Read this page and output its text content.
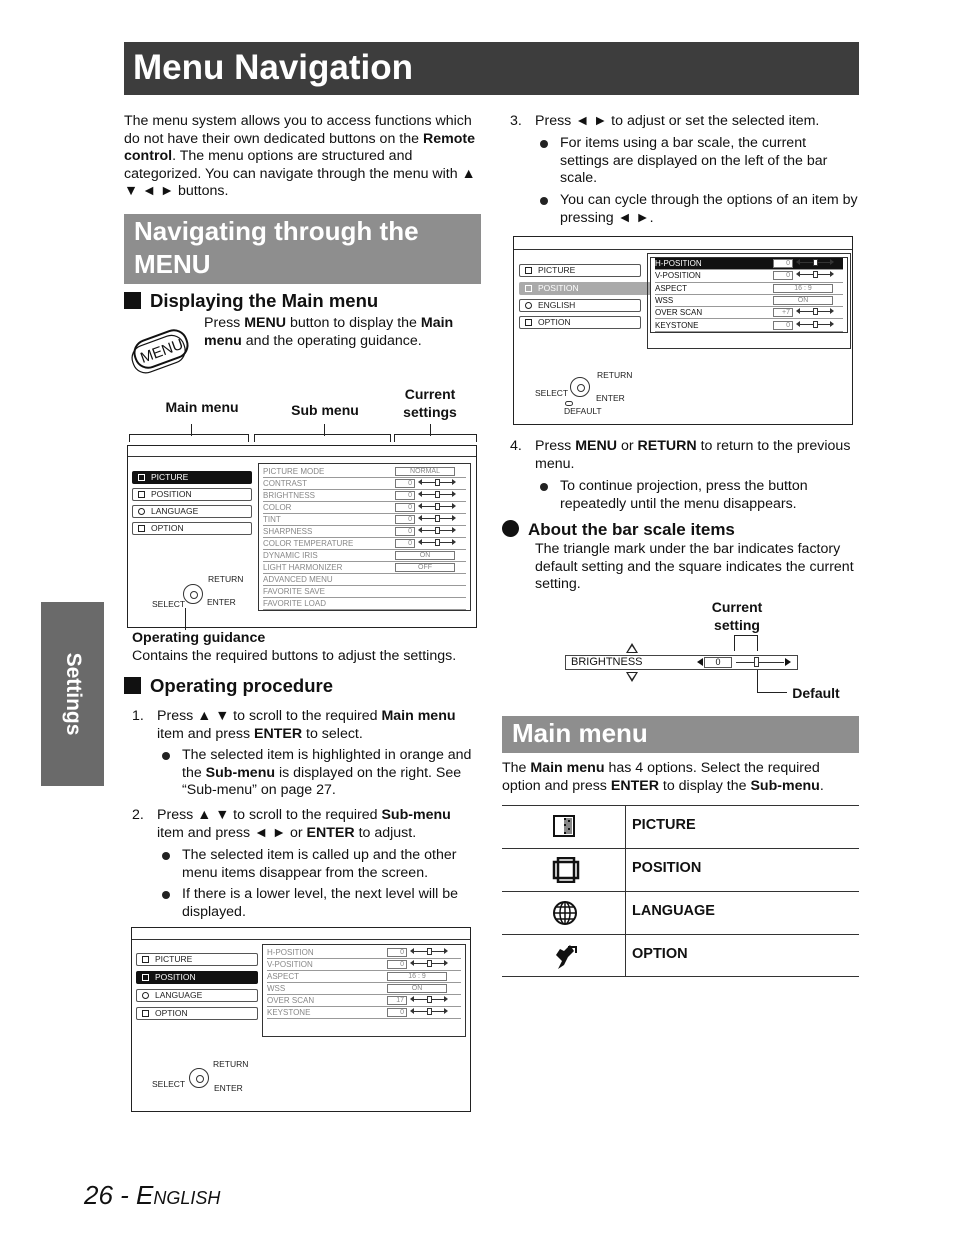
Menu Navigation
The menu system allows you to access functions which do not have their own dedicated buttons on the Remote control. The menu options are structured and categorized. You can navigate through the menu with ▲ ▼ ◄ ► buttons.
Navigating through the MENU
Displaying the Main menu
MENU
Press MENU button to display the Main menu and the operating guidance.
Main menu	Sub menu
Current settings
PICTURE
POSITION
LANGUAGE
OPTION
PICTURE MODE	NORMAL
CONTRAST	0
BRIGHTNESS	0
COLOR	0
TINT	0
SHARPNESS	0
COLOR TEMPERATURE	0
DYNAMIC IRIS	ON
LIGHT HARMONIZER	OFF
ADVANCED MENU
FAVORITE SAVE
FAVORITE LOAD
RETURN
SELECT	ENTER
Operating guidance
Contains the required buttons to adjust the settings.
Operating procedure
1. Press ▲ ▼ to scroll to the required Main menu item and press ENTER to select.
The selected item is highlighted in orange and the Sub-menu is displayed on the right. See “Sub-menu” on page 27.
2. Press ▲ ▼ to scroll to the required Sub-menu item and press ◄ ► or ENTER to adjust.
The selected item is called up and the other menu items disappear from the screen.
If there is a lower level, the next level will be displayed.
PICTURE
POSITION
LANGUAGE
OPTION
H-POSITION	0
V-POSITION	0
ASPECT	16 : 9
WSS	ON
OVER SCAN	17
KEYSTONE	0
RETURN
SELECT	ENTER
3. Press ◄ ► to adjust or set the selected item.
For items using a bar scale, the current settings are displayed on the left of the bar scale.
You can cycle through the options of an item by pressing ◄ ►.
PICTURE
POSITION
ENGLISH
OPTION
H-POSITION	0
V-POSITION	0
ASPECT	16 : 9
WSS	ON
OVER SCAN	+7
KEYSTONE	0
RETURN
SELECT	ENTER
DEFAULT
4. Press MENU or RETURN to return to the previous menu.
To continue projection, press the button repeatedly until the menu disappears.
About the bar scale items
The triangle mark under the bar indicates factory default setting and the square indicates the current setting.
Current setting
BRIGHTNESS	0
Default
Main menu
The Main menu has 4 options. Select the required option and press ENTER to display the Sub-menu.
PICTURE
POSITION
LANGUAGE
OPTION
Settings
26 - English
